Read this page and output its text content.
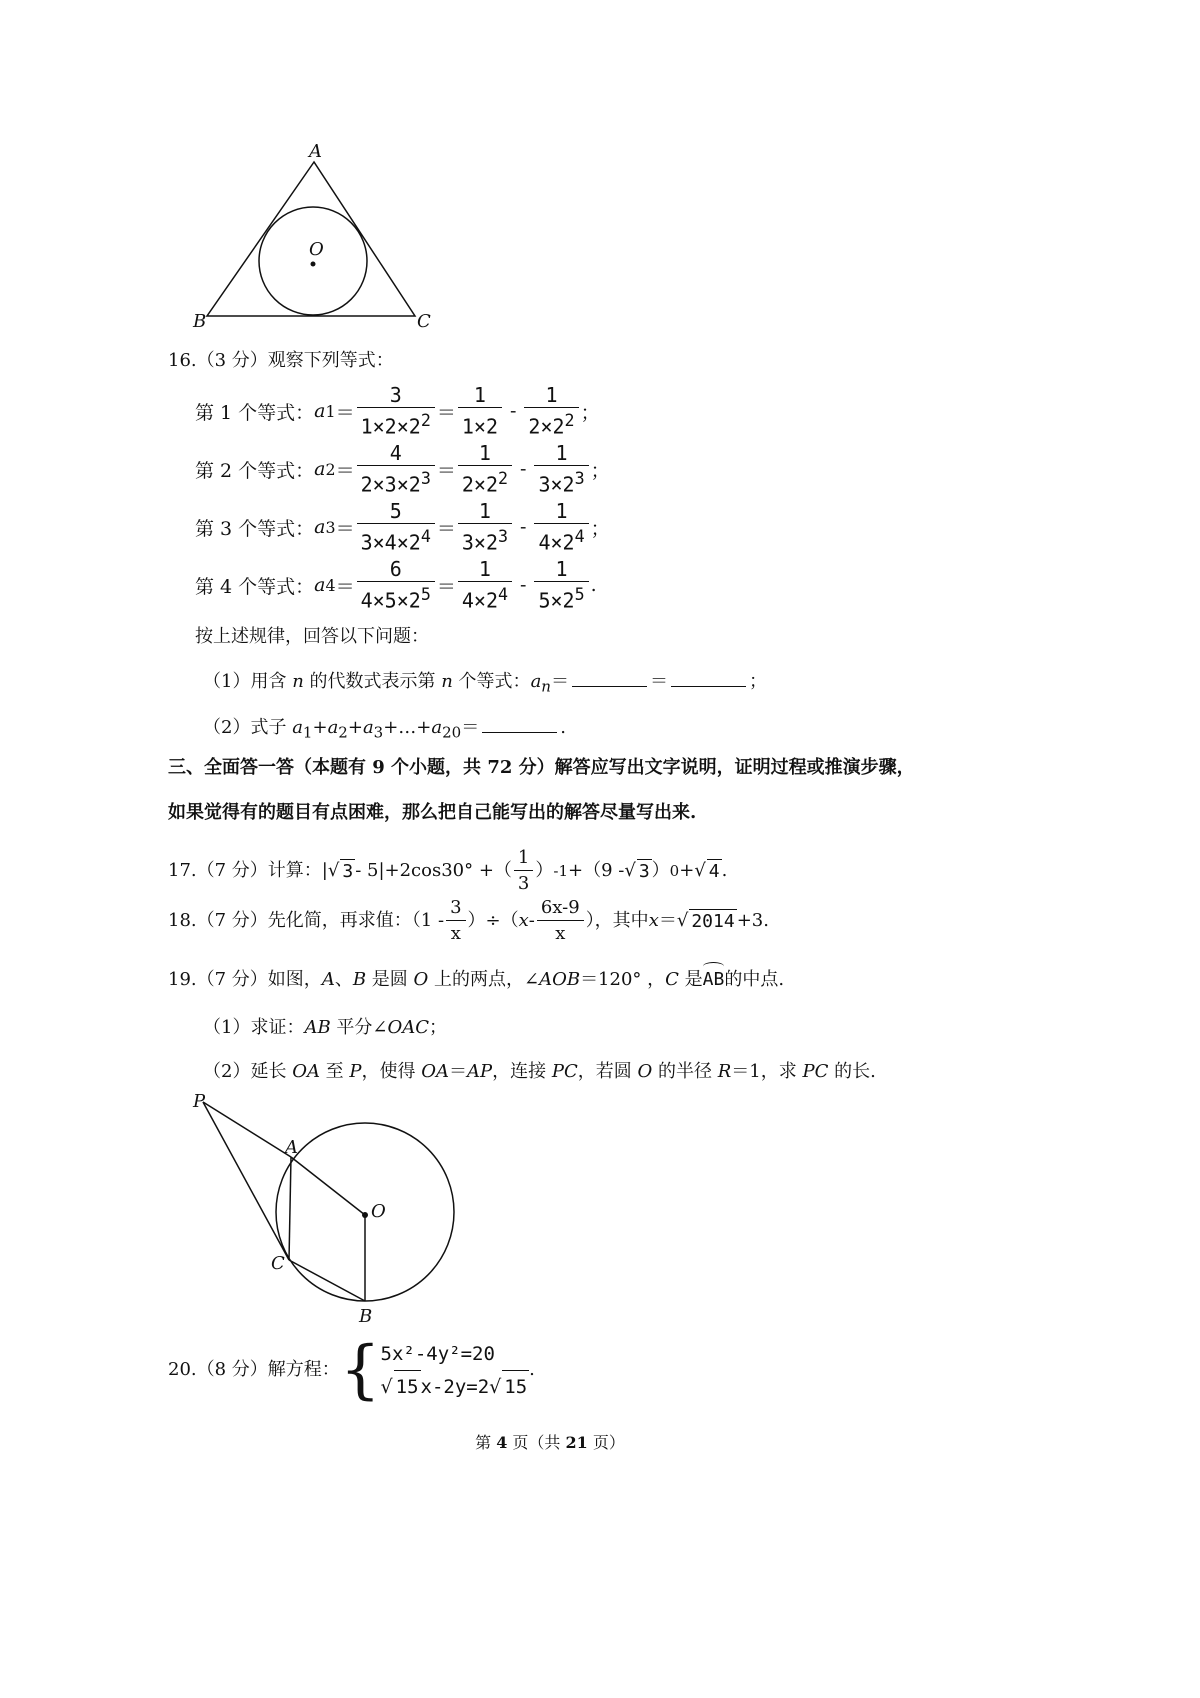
A
O
B	C
16.（3 分）观察下列等式：
第 1 个等式： a $1 = \frac{3}{1\times 2\times 2^2} = \frac{1}{1\times 2} - \frac{1}{2\times 2^2}$ ；
第 2 个等式： a $2 = \frac{4}{2\times 3\times 2^3} = \frac{1}{2\times 2^2} - \frac{1}{3\times 2^3}$ ；
第 3 个等式： a $3 = \frac{5}{3\times 4\times 2^4} = \frac{1}{3\times 2^3} - \frac{1}{4\times 2^4}$ ；
第 4 个等式： a $4 = \frac{6}{4\times 5\times 2^5} = \frac{1}{4\times 2^4} - \frac{1}{5\times 2^5}$ .
按上述规律，回答以下问题：
（1）用含 n 的代数式表示第 n 个等式：$a_n=$	＝	；
（2）式子 $a_1+a_2+a_3+\dots+a_{20}=$	.
三、全面答一答（本题有 9 个小题，共 72 分）解答应写出文字说明，证明过程或推演步骤，
如果觉得有的题目有点困难，那么把自己能写出的解答尽量写出来.
17.（7 分）计算：| √ 3 - 5|+2cos30° +（ $\frac{1}{3}$ ） -1 +（9 - √ 3 ） 0 + √ 4 .
18.（7 分）先化简，再求值：（$1 - \frac{3}{x}$ ）÷（ x - $\frac{6x-9}{x}$ ），其中 x ＝ √ 2014 +3.
19.（7 分）如图，A、B 是圆 O 上的两点，∠AOB＝120° ，C 是AB的中点.
（1）求证：AB 平分∠OAC；
（2）延长 OA 至 P，使得 OA＝AP，连接 PC，若圆 O 的半径 R＝1，求 PC 的长.
P
A
O
C
B
20.（8 分）解方程： { 5x²-4y²=20
√ 15 x-2y=2√ 15
.
第 4 页（共 21 页）
